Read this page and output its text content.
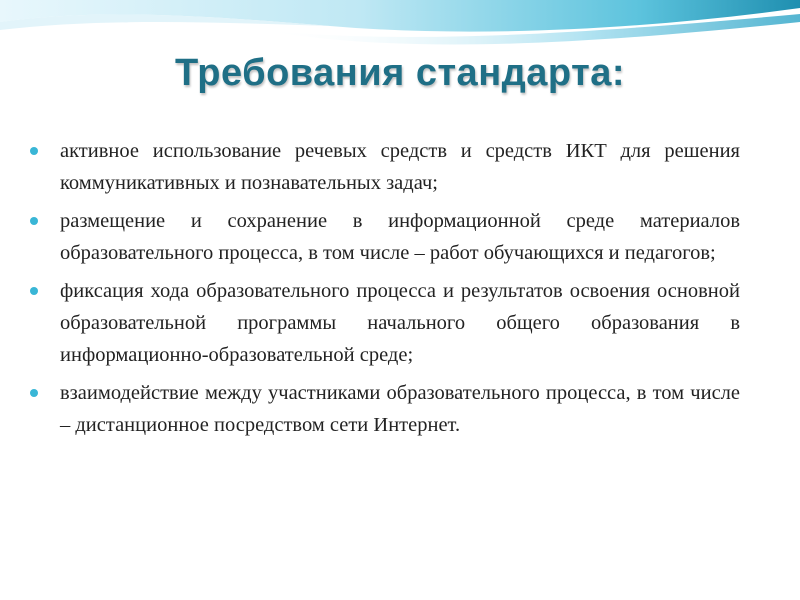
Требования стандарта:
активное использование речевых средств и средств ИКТ для решения коммуникативных и познавательных задач;
размещение и сохранение в информационной среде материалов образовательного процесса, в том числе – работ обучающихся и педагогов;
фиксация хода образовательного процесса и результатов освоения основной образовательной программы начального общего образования в информационно-образовательной среде;
взаимодействие между участниками образовательного процесса, в том числе – дистанционное посредством сети Интернет.
